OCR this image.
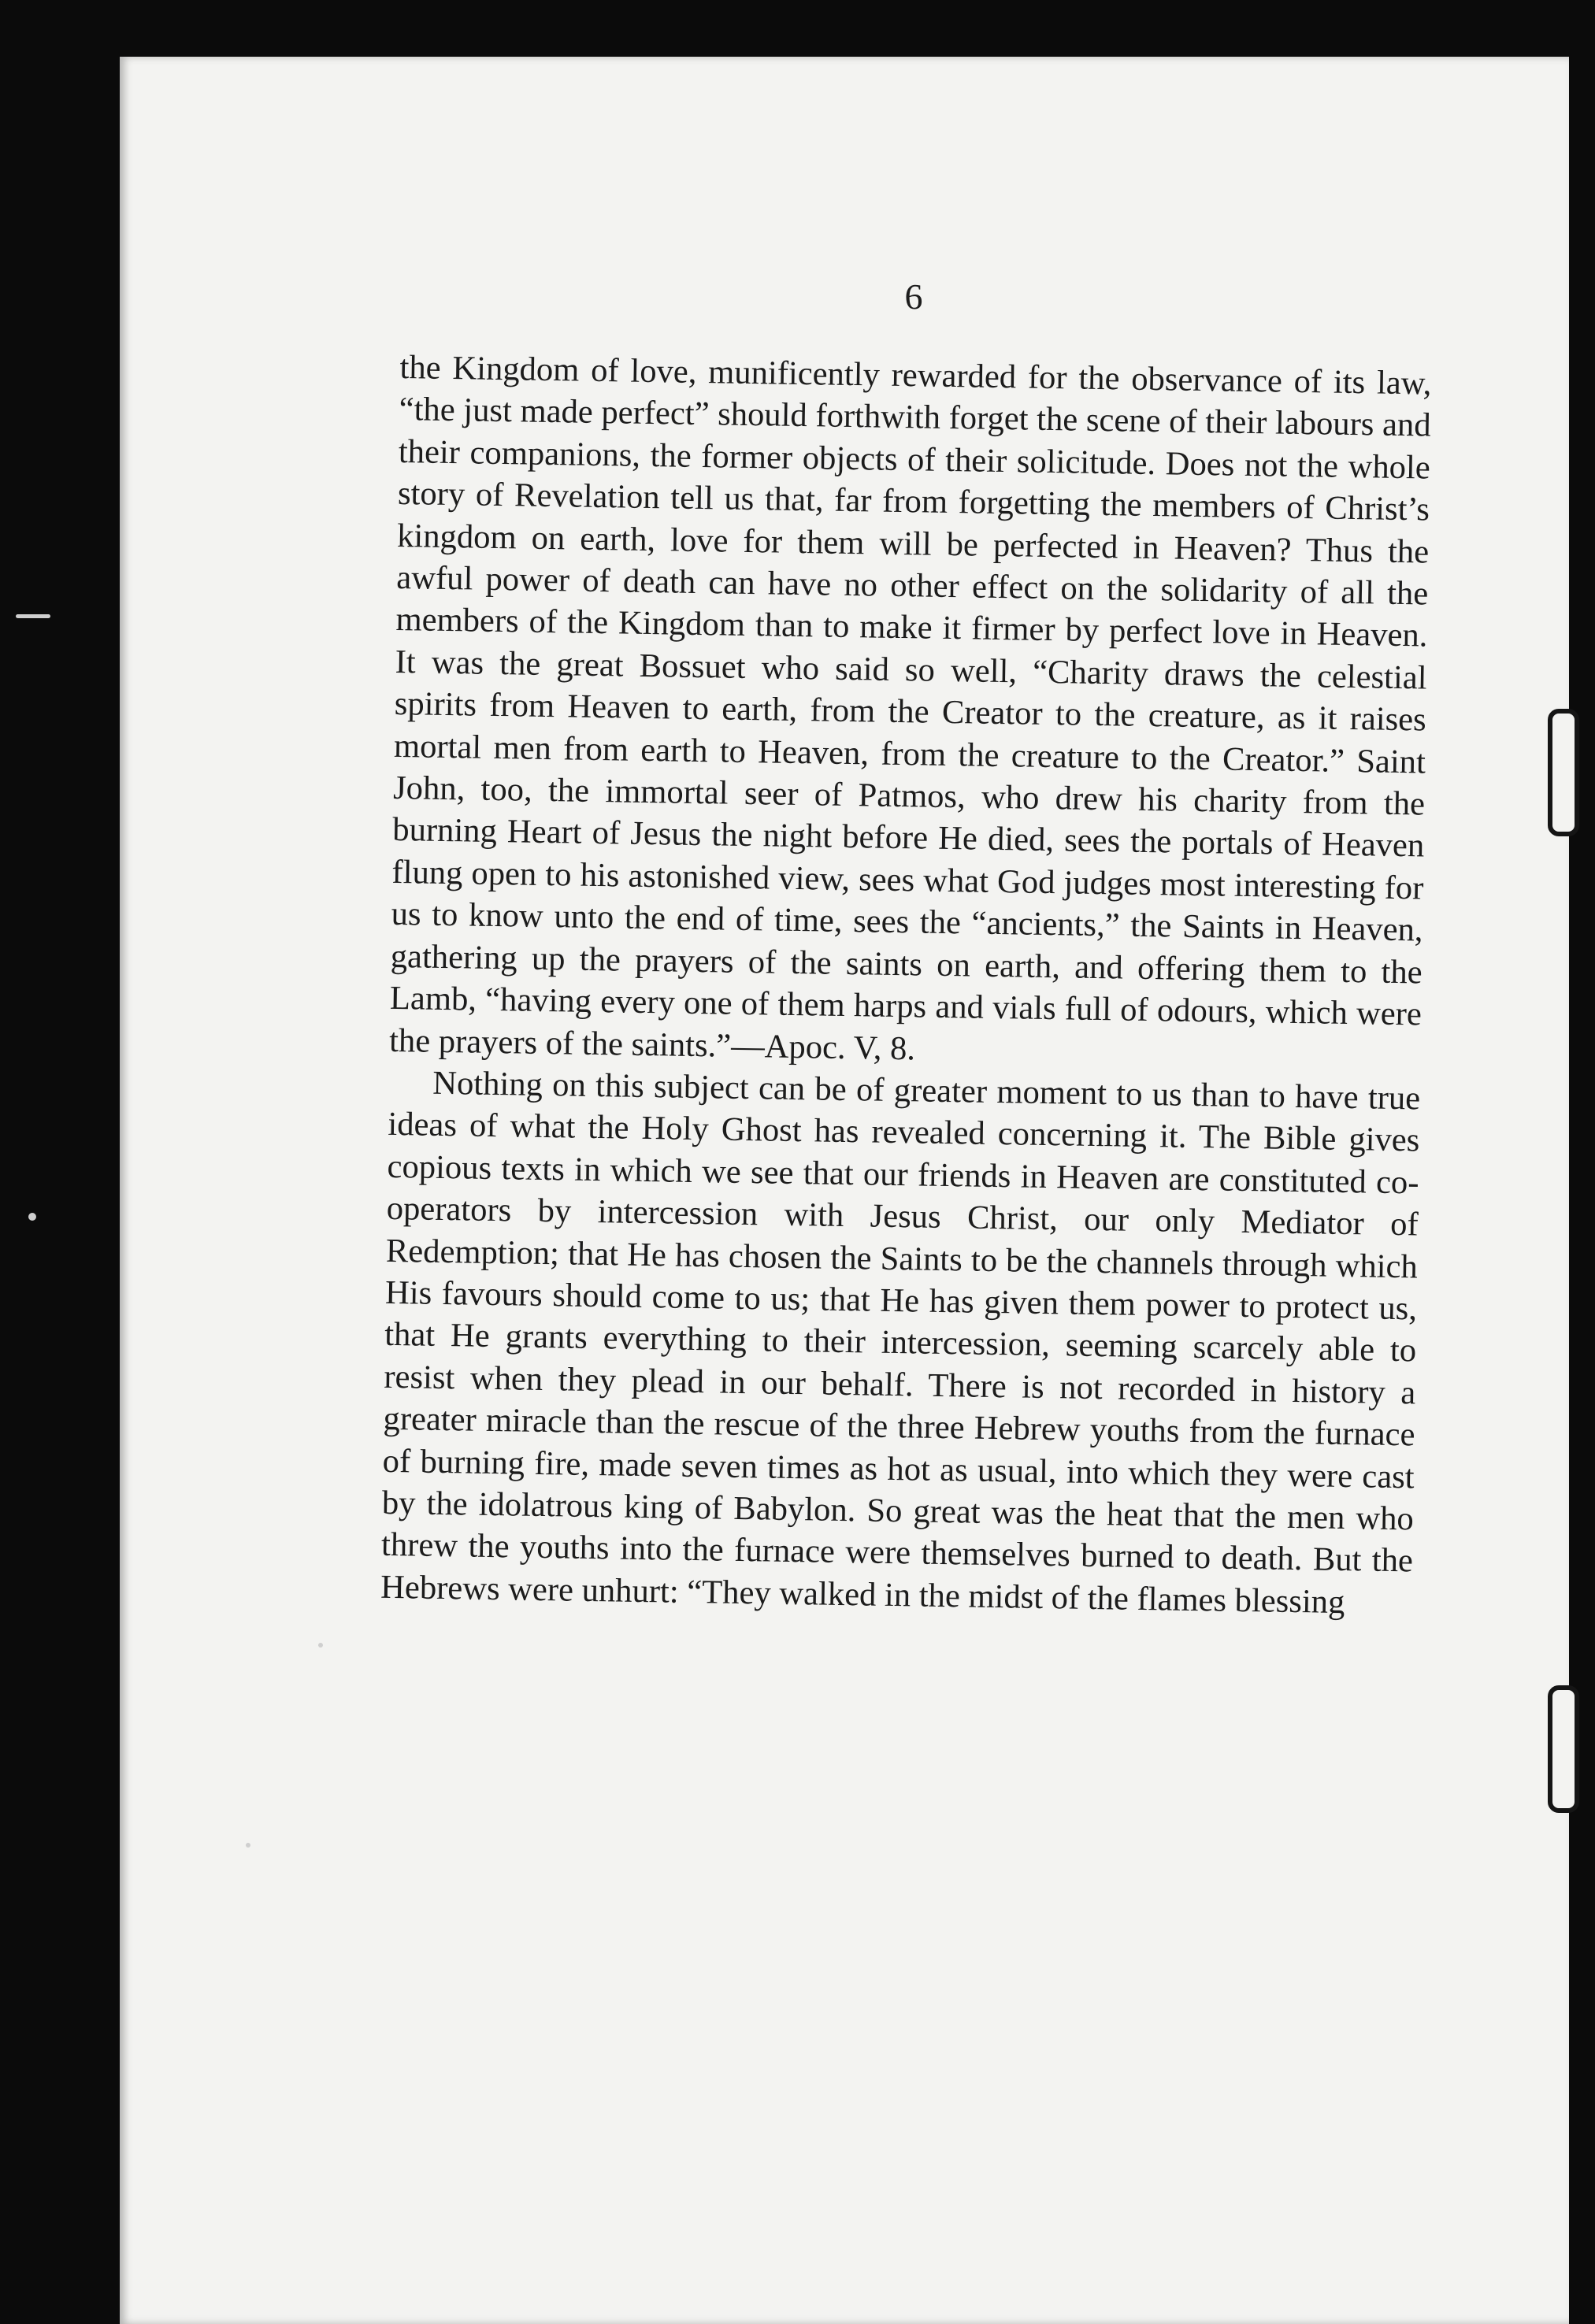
6

the Kingdom of love, munificently rewarded for the observance of its law, “the just made perfect” should forthwith forget the scene of their labours and their companions, the former objects of their solicitude. Does not the whole story of Revelation tell us that, far from forgetting the members of Christ’s kingdom on earth, love for them will be perfected in Heaven? Thus the awful power of death can have no other effect on the solidarity of all the members of the Kingdom than to make it firmer by perfect love in Heaven. It was the great Bossuet who said so well, “Charity draws the celestial spirits from Heaven to earth, from the Creator to the creature, as it raises mortal men from earth to Heaven, from the creature to the Creator.” Saint John, too, the immortal seer of Patmos, who drew his charity from the burning Heart of Jesus the night before He died, sees the portals of Heaven flung open to his astonished view, sees what God judges most interesting for us to know unto the end of time, sees the “ancients,” the Saints in Heaven, gathering up the prayers of the saints on earth, and offering them to the Lamb, “having every one of them harps and vials full of odours, which were the prayers of the saints.”—Apoc. V, 8.

Nothing on this subject can be of greater moment to us than to have true ideas of what the Holy Ghost has revealed concerning it. The Bible gives copious texts in which we see that our friends in Heaven are constituted co-operators by intercession with Jesus Christ, our only Mediator of Redemption; that He has chosen the Saints to be the channels through which His favours should come to us; that He has given them power to protect us, that He grants everything to their intercession, seeming scarcely able to resist when they plead in our behalf. There is not recorded in history a greater miracle than the rescue of the three Hebrew youths from the furnace of burning fire, made seven times as hot as usual, into which they were cast by the idolatrous king of Babylon. So great was the heat that the men who threw the youths into the furnace were themselves burned to death. But the Hebrews were unhurt: “They walked in the midst of the flames blessing
